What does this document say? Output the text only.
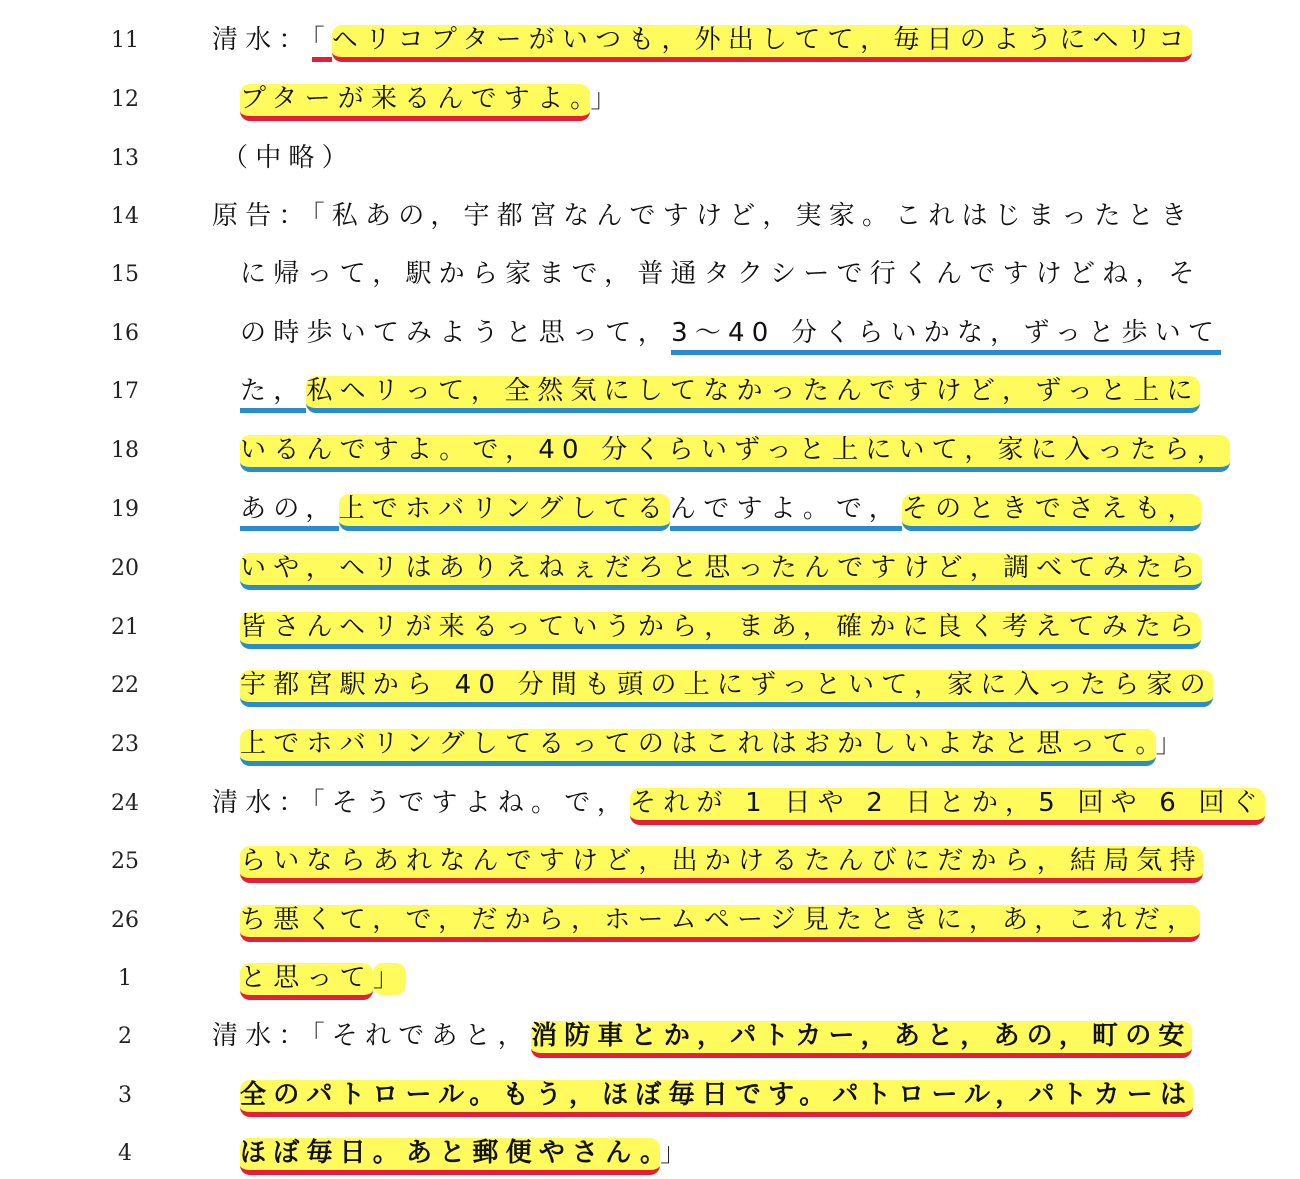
11	清水：「ヘリコプターがいつも，外出してて，毎日のようにヘリコ
12	プターが来るんですよ。」
13	（中略）
14	原告：「私あの，宇都宮なんですけど，実家。これはじまったとき
15	に帰って，駅から家まで，普通タクシーで行くんですけどね，そ
16	の時歩いてみようと思って，3～40 分くらいかな，ずっと歩いて
17	た，私ヘリって，全然気にしてなかったんですけど，ずっと上に
18	いるんですよ。で，40 分くらいずっと上にいて，家に入ったら，
19	あの，上でホバリングしてるんですよ。で，そのときでさえも，
20	いや，ヘリはありえねぇだろと思ったんですけど，調べてみたら
21	皆さんヘリが来るっていうから，まあ，確かに良く考えてみたら
22	宇都宮駅から 40 分間も頭の上にずっといて，家に入ったら家の
23	上でホバリングしてるってのはこれはおかしいよなと思って。」
24	清水：「そうですよね。で，それが 1 日や 2 日とか，5 回や 6 回ぐ
25	らいならあれなんですけど，出かけるたんびにだから，結局気持
26	ち悪くて，で，だから，ホームページ見たときに，あ，これだ，
1	と思って」
2	清水：「それであと，消防車とか，パトカー，あと，あの，町の安
3	全のパトロール。もう，ほぼ毎日です。パトロール，パトカーは
4	ほぼ毎日。あと郵便やさん。」
